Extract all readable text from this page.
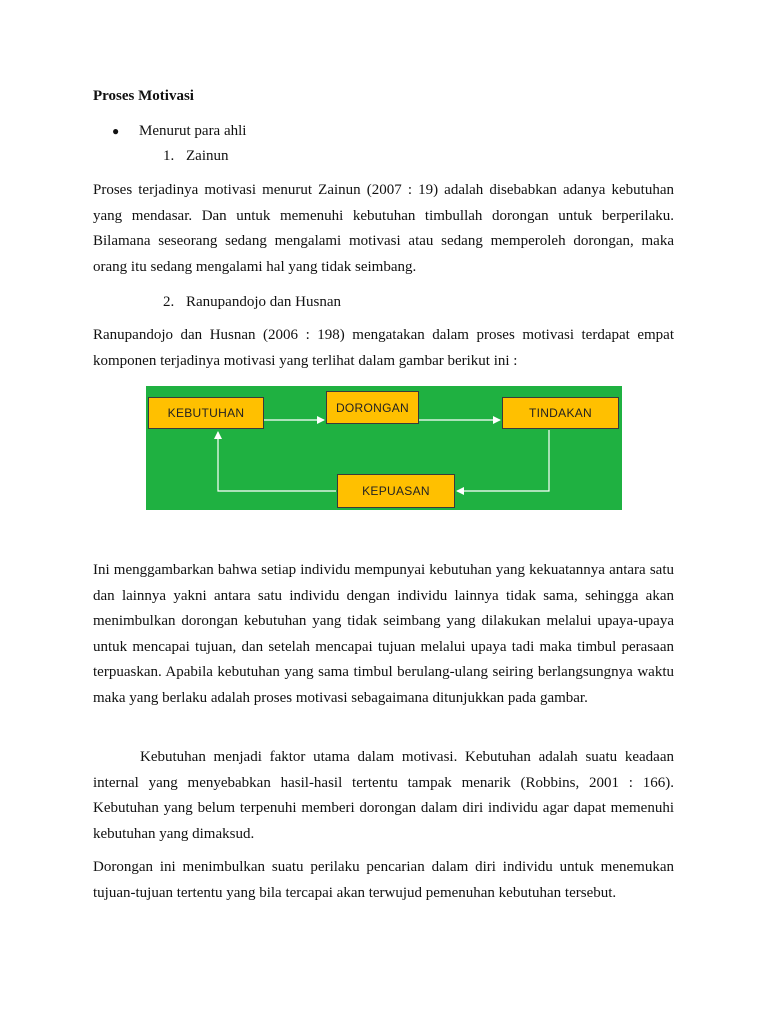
Proses Motivasi
● Menurut para ahli
1. Zainun

Proses terjadinya motivasi menurut Zainun (2007 : 19) adalah disebabkan adanya kebutuhan yang mendasar. Dan untuk memenuhi kebutuhan timbullah dorongan untuk berperilaku. Bilamana seseorang sedang mengalami motivasi atau sedang memperoleh dorongan, maka orang itu sedang mengalami hal yang tidak seimbang.

2. Ranupandojo dan Husnan

Ranupandojo dan Husnan (2006 : 198) mengatakan dalam proses motivasi terdapat empat komponen terjadinya motivasi yang terlihat dalam gambar berikut ini :

KEBUTUHAN	DORONGAN	TINDAKAN
KEPUASAN

Ini menggambarkan bahwa setiap individu mempunyai kebutuhan yang kekuatannya antara satu dan lainnya yakni antara satu individu dengan individu lainnya tidak sama, sehingga akan menimbulkan dorongan kebutuhan yang tidak seimbang yang dilakukan melalui upaya-upaya untuk mencapai tujuan, dan setelah mencapai tujuan melalui upaya tadi maka timbul perasaan terpuaskan. Apabila kebutuhan yang sama timbul berulang-ulang seiring berlangsungnya waktu maka yang berlaku adalah proses motivasi sebagaimana ditunjukkan pada gambar.

Kebutuhan menjadi faktor utama dalam motivasi. Kebutuhan adalah suatu keadaan internal yang menyebabkan hasil-hasil tertentu tampak menarik (Robbins, 2001 : 166). Kebutuhan yang belum terpenuhi memberi dorongan dalam diri individu agar dapat memenuhi kebutuhan yang dimaksud.

Dorongan ini menimbulkan suatu perilaku pencarian dalam diri individu untuk menemukan tujuan-tujuan tertentu yang bila tercapai akan terwujud pemenuhan kebutuhan tersebut.
